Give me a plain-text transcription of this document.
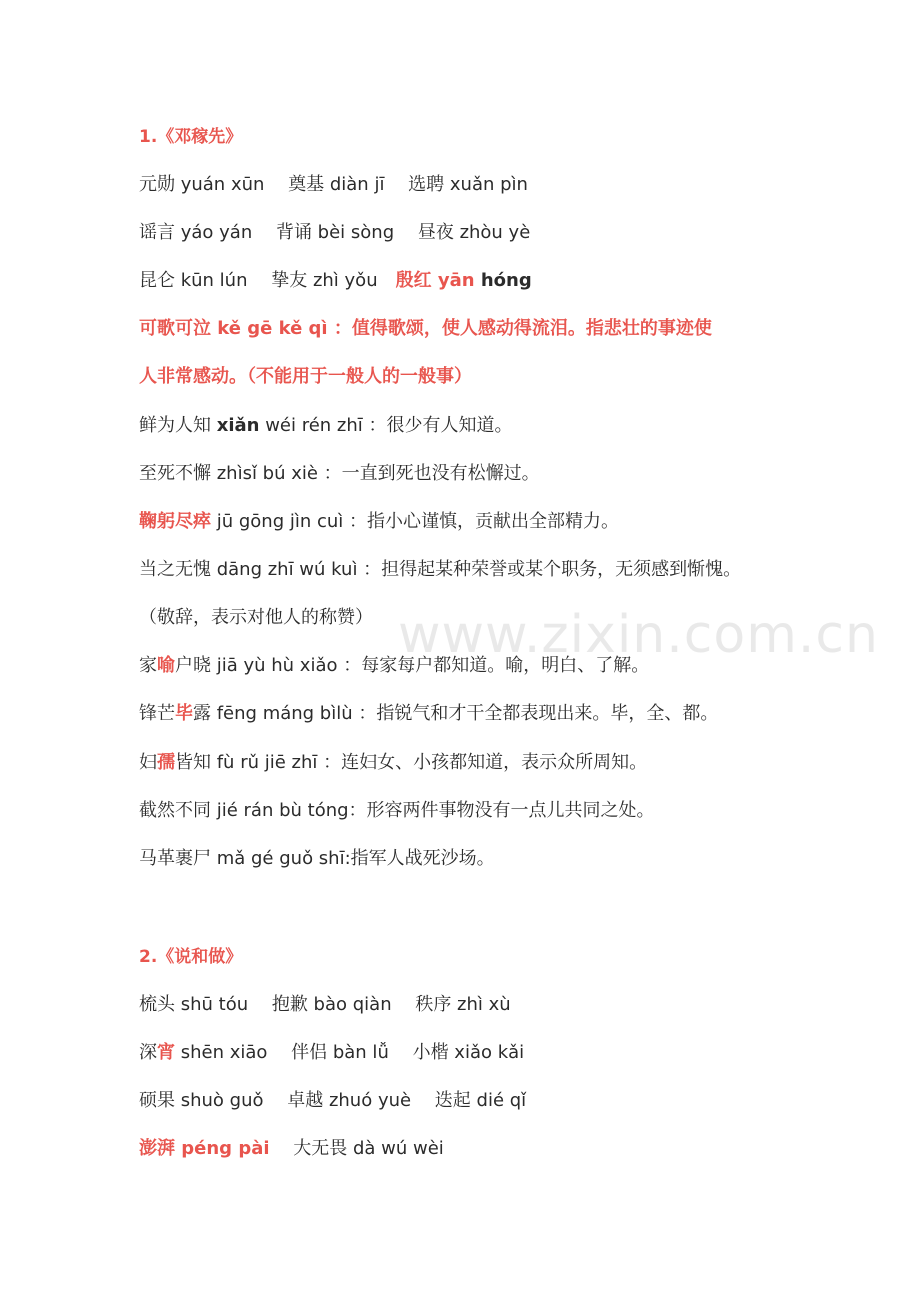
www.zixin.com.cn
1.《邓稼先》
元勋 yuán xūn　 奠基 diàn jī　 选聘 xuǎn pìn
谣言 yáo yán　 背诵 bèi sòng　 昼夜 zhòu yè
昆仑 kūn lún　 挚友 zhì yǒu　殷红 yān hóng
可歌可泣 kě gē kě qì ：值得歌颂，使人感动得流泪。指悲壮的事迹使
人非常感动。（不能用于一般人的一般事）
鲜为人知 xiǎn wéi rén zhī ：很少有人知道。
至死不懈 zhìsǐ bú xiè ：一直到死也没有松懈过。
鞠躬尽瘁 jū gōng jìn cuì ：指小心谨慎，贡献出全部精力。
当之无愧 dāng zhī wú kuì ：担得起某种荣誉或某个职务，无须感到惭愧。
（敬辞，表示对他人的称赞）
家喻户晓 jiā yù hù xiǎo ：每家每户都知道。喻，明白、了解。
锋芒毕露 fēng máng bìlù ：指锐气和才干全都表现出来。毕，全、都。
妇孺皆知 fù rǔ jiē zhī ：连妇女、小孩都知道，表示众所周知。
截然不同 jié rán bù tóng：形容两件事物没有一点儿共同之处。
马革裹尸 mǎ gé guǒ shī:指军人战死沙场。
2.《说和做》
梳头 shū tóu　 抱歉 bào qiàn　 秩序 zhì xù
深宵 shēn xiāo　 伴侣 bàn lǚ　 小楷 xiǎo kǎi
硕果 shuò guǒ　 卓越 zhuó yuè　 迭起 dié qǐ
澎湃 péng pài　 大无畏 dà wú wèi
